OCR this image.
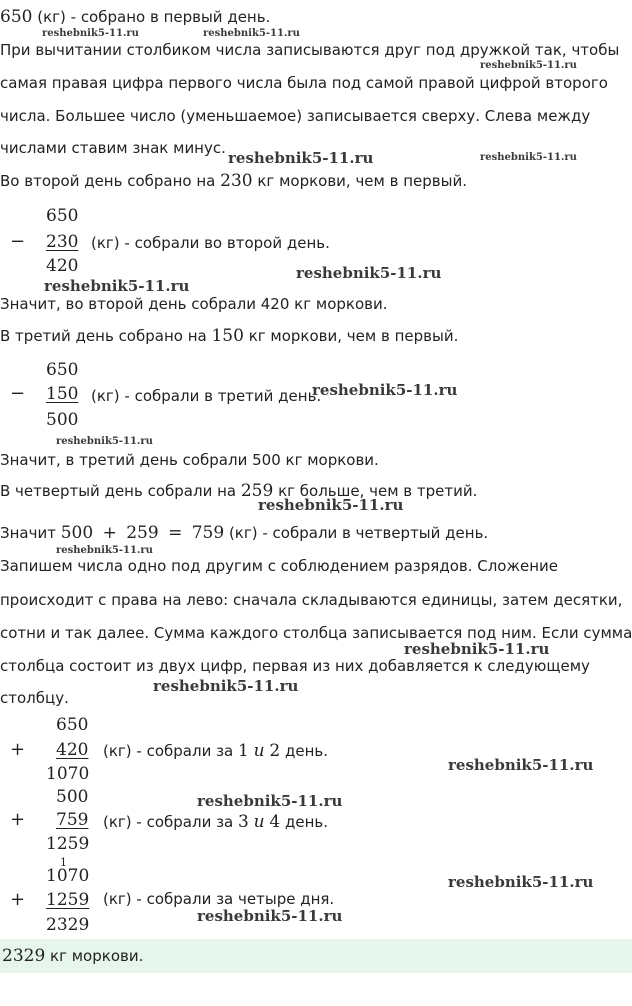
650 (кг) - собрано в первый день.
reshebnik5-11.ru	reshebnik5-11.ru
При вычитании столбиком числа записываются друг под дружкой так, чтобы
reshebnik5-11.ru
самая правая цифра первого числа была под самой правой цифрой второго
числа. Большее число (уменьшаемое) записывается сверху. Слева между
числами ставим знак минус.
reshebnik5-11.ru	reshebnik5-11.ru
Во второй день собрано на 230 кг моркови, чем в первый.
650
− 230 (кг) - собрали во второй день.
420	reshebnik5-11.ru
reshebnik5-11.ru
Значит, во второй день собрали 420 кг моркови.
В третий день собрано на 150 кг моркови, чем в первый.
650
− 150 (кг) - собрали в третий день.
reshebnik5-11.ru
500
reshebnik5-11.ru
Значит, в третий день собрали 500 кг моркови.
В четвертый день собрали на 259 кг больше, чем в третий.
reshebnik5-11.ru
Значит 500 + 259 = 759 (кг) - собрали в четвертый день.
reshebnik5-11.ru
Запишем числа одно под другим с соблюдением разрядов. Сложение
происходит с права на лево: сначала складываются единицы, затем десятки,
сотни и так далее. Сумма каждого столбца записывается под ним. Если сумма
reshebnik5-11.ru
столбца состоит из двух цифр, первая из них добавляется к следующему
reshebnik5-11.ru
столбцу.
650
+ 420 (кг) - собрали за 1 и 2 день.
1070	reshebnik5-11.ru
500	reshebnik5-11.ru
+ 759 (кг) - собрали за 3 и 4 день.
1259
1
1070	reshebnik5-11.ru
+ 1259 (кг) - собрали за четыре дня.
reshebnik5-11.ru
2329
2329 кг моркови.
